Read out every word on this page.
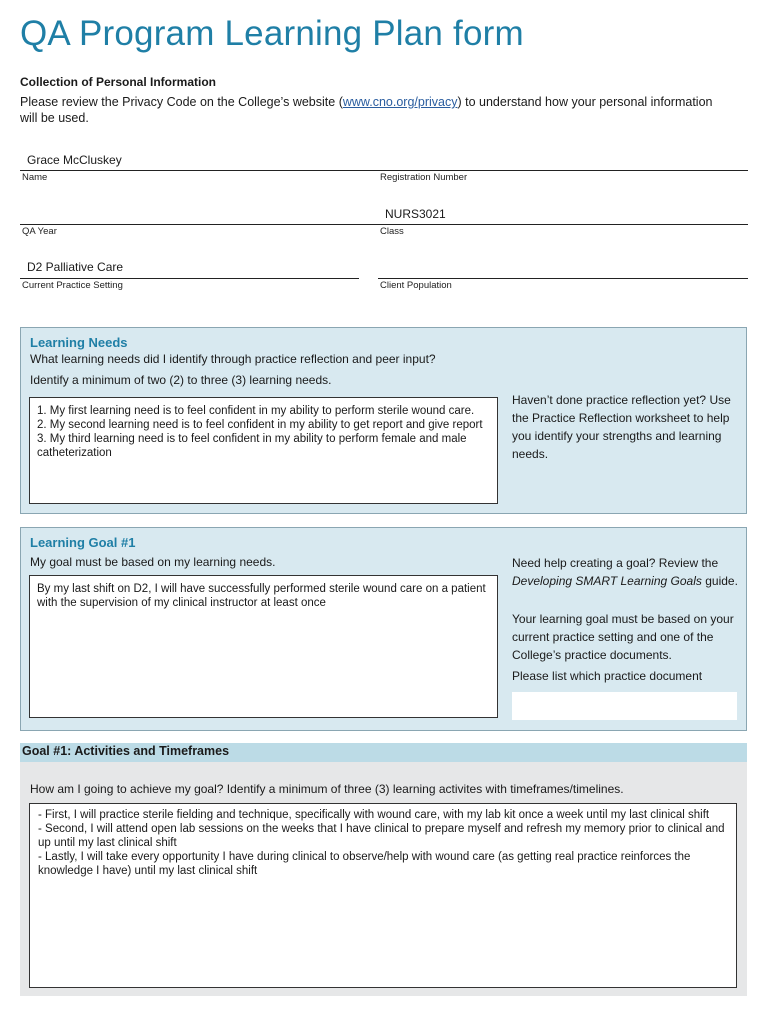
QA Program Learning Plan form
Collection of Personal Information
Please review the Privacy Code on the College’s website (www.cno.org/privacy) to understand how your personal information will be used.
Grace McCluskey
Name	Registration Number
QA Year
NURS3021
Class
D2 Palliative Care
Current Practice Setting	Client Population
Learning Needs
What learning needs did I identify through practice reflection and peer input?
Identify a minimum of two (2) to three (3) learning needs.
1. My first learning need is to feel confident in my ability to perform sterile wound care.
2. My second learning need is to feel confident in my ability to get report and give report
3. My third learning need is to feel confident in my ability to perform female and male catheterization
Haven’t done practice reflection yet? Use the Practice Reflection worksheet to help you identify your strengths and learning needs.
Learning Goal #1
My goal must be based on my learning needs.
By my last shift on D2, I will have successfully performed sterile wound care on a patient with the supervision of my clinical instructor at least once
Need help creating a goal? Review the Developing SMART Learning Goals guide.
Your learning goal must be based on your current practice setting and one of the College’s practice documents.
Please list which practice document
Goal #1: Activities and Timeframes
How am I going to achieve my goal? Identify a minimum of three (3) learning activites with timeframes/timelines.
- First, I will practice sterile fielding and technique, specifically with wound care, with my lab kit once a week until my last clinical shift
- Second, I will attend open lab sessions on the weeks that I have clinical to prepare myself and refresh my memory prior to clinical and up until my last clinical shift
- Lastly, I will take every opportunity I have during clinical to observe/help with wound care (as getting real practice reinforces the knowledge I have) until my last clinical shift
